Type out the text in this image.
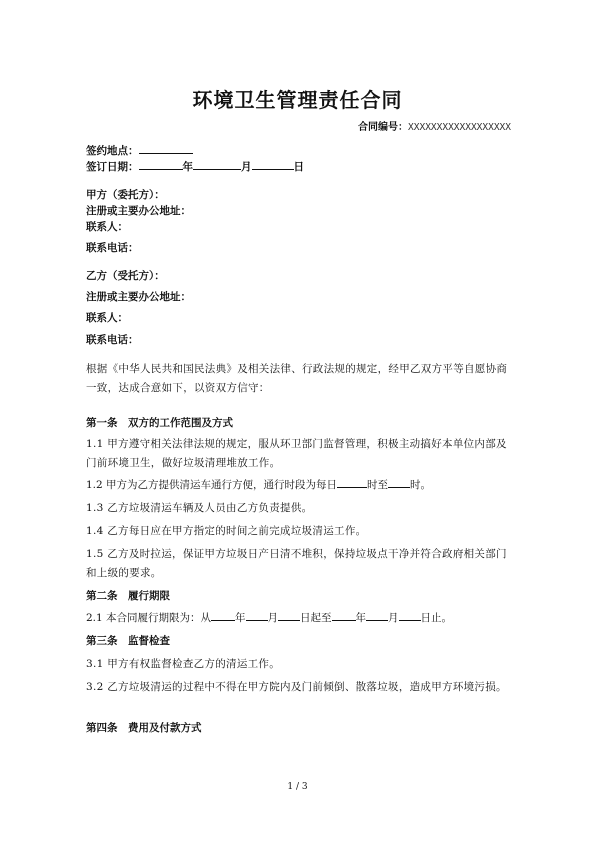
环境卫生管理责任合同
合同编号：XXXXXXXXXXXXXXXXXX
签约地点：
签订日期：	年	月	日
甲方（委托方）：
注册或主要办公地址：
联系人：
联系电话：
乙方（受托方）：
注册或主要办公地址：
联系人：
联系电话：
根据《中华人民共和国民法典》及相关法律、行政法规的规定，经甲乙双方平等自愿协商一致，达成合意如下，以资双方信守：
第一条　双方的工作范围及方式
1.1 甲方遵守相关法律法规的规定，服从环卫部门监督管理，积极主动搞好本单位内部及门前环境卫生，做好垃圾清理堆放工作。
1.2 甲方为乙方提供清运车通行方便，通行时段为每日	时至 时。
1.3 乙方垃圾清运车辆及人员由乙方负责提供。
1.4 乙方每日应在甲方指定的时间之前完成垃圾清运工作。
1.5 乙方及时拉运，保证甲方垃圾日产日清不堆积，保持垃圾点干净并符合政府相关部门和上级的要求。
第二条　履行期限
2.1 本合同履行期限为：从 年 月 日起至 年 月 日止。
第三条　监督检查
3.1 甲方有权监督检查乙方的清运工作。
3.2 乙方垃圾清运的过程中不得在甲方院内及门前倾倒、散落垃圾，造成甲方环境污损。
第四条　费用及付款方式
1 / 3
